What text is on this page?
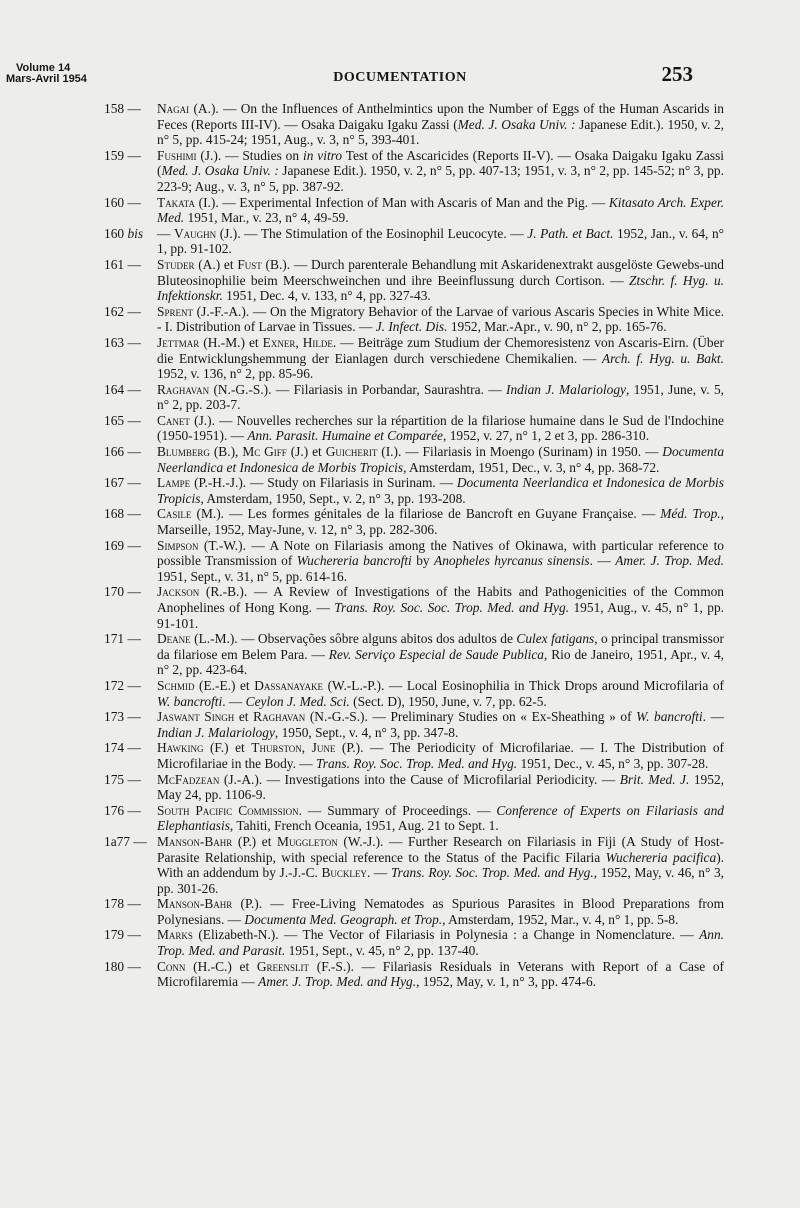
Volume 14
Mars-Avril 1954	DOCUMENTATION	253
158 —	Nagai (A.). — On the Influences of Anthelmintics upon the Number of Eggs of the Human Ascarids in Feces (Reports III-IV). — Osaka Daigaku Igaku Zassi (Med. J. Osaka Univ. : Japanese Edit.). 1950, v. 2, n° 5, pp. 415-24; 1951, Aug., v. 3, n° 5, 393-401.
159 —	Fushimi (J.). — Studies on in vitro Test of the Ascaricides (Reports II-V). — Osaka Daigaku Igaku Zassi (Med. J. Osaka Univ. : Japanese Edit.). 1950, v. 2, n° 5, pp. 407-13; 1951, v. 3, n° 2, pp. 145-52; n° 3, pp. 223-9; Aug., v. 3, n° 5, pp. 387-92.
160 —	Takata (I.). — Experimental Infection of Man with Ascaris of Man and the Pig. — Kitasato Arch. Exper. Med. 1951, Mar., v. 23, n° 4, 49-59.
160 bis	— Vaughn (J.). — The Stimulation of the Eosinophil Leucocyte. — J. Path. et Bact. 1952, Jan., v. 64, n° 1, pp. 91-102.
161 —	Studer (A.) et Fust (B.). — Durch parenterale Behandlung mit Askaridenextrakt ausgelöste Gewebs-und Bluteosinophilie beim Meerschweinchen und ihre Beeinflussung durch Cortison. — Ztschr. f. Hyg. u. Infektionskr. 1951, Dec. 4, v. 133, n° 4, pp. 327-43.
162 —	Sprent (J.-F.-A.). — On the Migratory Behavior of the Larvae of various Ascaris Species in White Mice. - I. Distribution of Larvae in Tissues. — J. Infect. Dis. 1952, Mar.-Apr., v. 90, n° 2, pp. 165-76.
163 —	Jettmar (H.-M.) et Exner, Hilde. — Beiträge zum Studium der Chemoresistenz von Ascaris-Eirn. (Über die Entwicklungshemmung der Eianlagen durch verschiedene Chemikalien. — Arch. f. Hyg. u. Bakt. 1952, v. 136, n° 2, pp. 85-96.
164 —	Raghavan (N.-G.-S.). — Filariasis in Porbandar, Saurashtra. — Indian J. Malariology, 1951, June, v. 5, n° 2, pp. 203-7.
165 —	Canet (J.). — Nouvelles recherches sur la répartition de la filariose humaine dans le Sud de l'Indochine (1950-1951). — Ann. Parasit. Humaine et Comparée, 1952, v. 27, n° 1, 2 et 3, pp. 286-310.
166 —	Blumberg (B.), Mc Giff (J.) et Guicherit (I.). — Filariasis in Moengo (Surinam) in 1950. — Documenta Neerlandica et Indonesica de Morbis Tropicis, Amsterdam, 1951, Dec., v. 3, n° 4, pp. 368-72.
167 —	Lampe (P.-H.-J.). — Study on Filariasis in Surinam. — Documenta Neerlandica et Indonesica de Morbis Tropicis, Amsterdam, 1950, Sept., v. 2, n° 3, pp. 193-208.
168 —	Casile (M.). — Les formes génitales de la filariose de Bancroft en Guyane Française. — Méd. Trop., Marseille, 1952, May-June, v. 12, n° 3, pp. 282-306.
169 —	Simpson (T.-W.). — A Note on Filariasis among the Natives of Okinawa, with particular reference to possible Transmission of Wuchereria bancrofti by Anopheles hyrcanus sinensis. — Amer. J. Trop. Med. 1951, Sept., v. 31, n° 5, pp. 614-16.
170 —	Jackson (R.-B.). — A Review of Investigations of the Habits and Pathogenicities of the Common Anophelines of Hong Kong. — Trans. Roy. Soc. Soc. Trop. Med. and Hyg. 1951, Aug., v. 45, n° 1, pp. 91-101.
171 —	Deane (L.-M.). — Observações sôbre alguns abitos dos adultos de Culex fatigans, o principal transmissor da filariose em Belem Para. — Rev. Serviço Especial de Saude Publica, Rio de Janeiro, 1951, Apr., v. 4, n° 2, pp. 423-64.
172 —	Schmid (E.-E.) et Dassanayake (W.-L.-P.). — Local Eosinophilia in Thick Drops around Microfilaria of W. bancrofti. — Ceylon J. Med. Sci. (Sect. D), 1950, June, v. 7, pp. 62-5.
173 —	Jaswant Singh et Raghavan (N.-G.-S.). — Preliminary Studies on « Ex-Sheathing » of W. bancrofti. — Indian J. Malariology, 1950, Sept., v. 4, n° 3, pp. 347-8.
174 —	Hawking (F.) et Thurston, June (P.). — The Periodicity of Microfilariae. — I. The Distribution of Microfilariae in the Body. — Trans. Roy. Soc. Trop. Med. and Hyg. 1951, Dec., v. 45, n° 3, pp. 307-28.
175 —	McFadzean (J.-A.). — Investigations into the Cause of Microfilarial Periodicity. — Brit. Med. J. 1952, May 24, pp. 1106-9.
176 —	South Pacific Commission. — Summary of Proceedings. — Conference of Experts on Filariasis and Elephantiasis, Tahiti, French Oceania, 1951, Aug. 21 to Sept. 1.
1a77 — Manson-Bahr (P.) et Muggleton (W.-J.). — Further Research on Filariasis in Fiji (A Study of Host-Parasite Relationship, with special reference to the Status of the Pacific Filaria Wuchereria pacifica). With an addendum by J.-J.-C. Buckley. — Trans. Roy. Soc. Trop. Med. and Hyg., 1952, May, v. 46, n° 3, pp. 301-26.
178 —	Manson-Bahr (P.). — Free-Living Nematodes as Spurious Parasites in Blood Preparations from Polynesians. — Documenta Med. Geograph. et Trop., Amsterdam, 1952, Mar., v. 4, n° 1, pp. 5-8.
179 —	Marks (Elizabeth-N.). — The Vector of Filariasis in Polynesia : a Change in Nomenclature. — Ann. Trop. Med. and Parasit. 1951, Sept., v. 45, n° 2, pp. 137-40.
180 —	Conn (H.-C.) et Greenslit (F.-S.). — Filariasis Residuals in Veterans with Report of a Case of Microfilaremia — Amer. J. Trop. Med. and Hyg., 1952, May, v. 1, n° 3, pp. 474-6.
